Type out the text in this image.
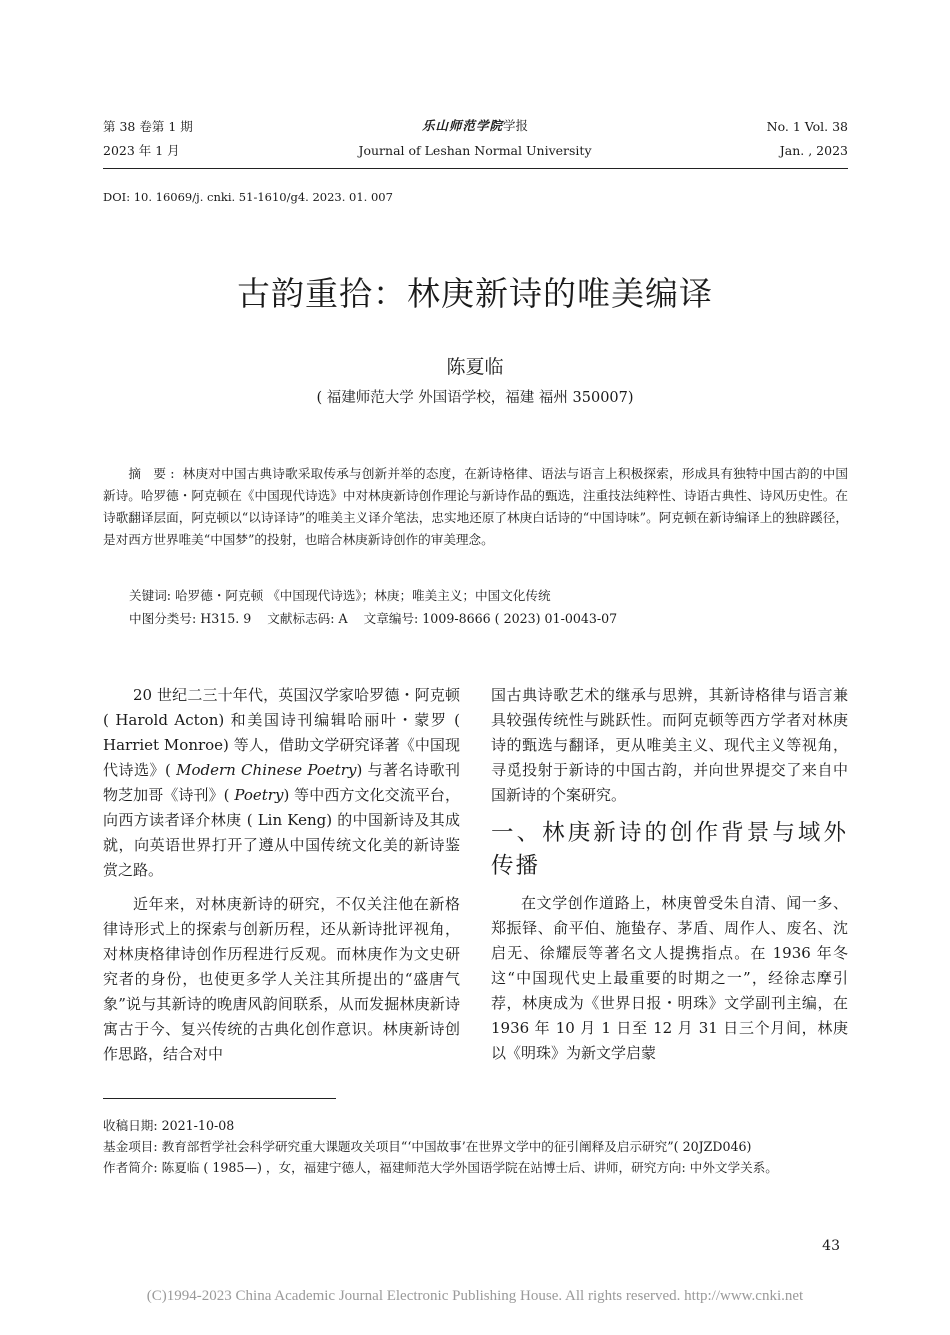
第 38 卷第 1 期
2023 年 1 月
乐山师范学院学报
Journal of Leshan Normal University
No. 1 Vol. 38
Jan. , 2023
DOI: 10. 16069/j. cnki. 51-1610/g4. 2023. 01. 007
古韵重拾：林庚新诗的唯美编译
陈夏临
( 福建师范大学 外国语学校，福建 福州 350007)
摘 要: 林庚对中国古典诗歌采取传承与创新并举的态度，在新诗格律、语法与语言上积极探索，形成具有独特中国古韵的中国新诗。哈罗德・阿克顿在《中国现代诗选》中对林庚新诗创作理论与新诗作品的甄选，注重技法纯粹性、诗语古典性、诗风历史性。在诗歌翻译层面，阿克顿以“以诗译诗”的唯美主义译介笔法，忠实地还原了林庚白话诗的“中国诗味”。阿克顿在新诗编译上的独辟蹊径，是对西方世界唯美“中国梦”的投射，也暗合林庚新诗创作的审美理念。
关键词: 哈罗德・阿克顿 《中国现代诗选》；林庚；唯美主义；中国文化传统
中图分类号: H315. 9 文献标志码: A 文章编号: 1009-8666 ( 2023) 01-0043-07

20 世纪二三十年代，英国汉学家哈罗德・阿克顿 ( Harold Acton) 和美国诗刊编辑哈丽叶・蒙罗 ( Harriet Monroe) 等人，借助文学研究译著《中国现代诗选》( Modern Chinese Poetry) 与著名诗歌刊物芝加哥《诗刊》( Poetry) 等中西方文化交流平台，向西方读者译介林庚 ( Lin Keng) 的中国新诗及其成就，向英语世界打开了遵从中国传统文化美的新诗鉴赏之路。

近年来，对林庚新诗的研究，不仅关注他在新格律诗形式上的探索与创新历程，还从新诗批评视角，对林庚格律诗创作历程进行反观。而林庚作为文史研究者的身份，也使更多学人关注其所提出的“盛唐气象”说与其新诗的晚唐风韵间联系，从而发掘林庚新诗寓古于今、复兴传统的古典化创作意识。林庚新诗创作思路，结合对中

国古典诗歌艺术的继承与思辨，其新诗格律与语言兼具较强传统性与跳跃性。而阿克顿等西方学者对林庚诗的甄选与翻译，更从唯美主义、现代主义等视角，寻觅投射于新诗的中国古韵，并向世界提交了来自中国新诗的个案研究。

一、林庚新诗的创作背景与域外传播

在文学创作道路上，林庚曾受朱自清、闻一多、郑振铎、俞平伯、施蛰存、茅盾、周作人、废名、沈启无、徐耀辰等著名文人提携指点。在 1936 年冬这“中国现代史上最重要的时期之一”，经徐志摩引荐，林庚成为《世界日报・明珠》文学副刊主编，在 1936 年 10 月 1 日至 12 月 31 日三个月间，林庚以《明珠》为新文学启蒙

收稿日期: 2021-10-08
基金项目: 教育部哲学社会科学研究重大课题攻关项目“‘中国故事’在世界文学中的征引阐释及启示研究”( 20JZD046)
作者简介: 陈夏临 ( 1985—) ，女，福建宁德人，福建师范大学外国语学院在站博士后、讲师，研究方向: 中外文学关系。
43
(C)1994-2023 China Academic Journal Electronic Publishing House. All rights reserved. http://www.cnki.net
